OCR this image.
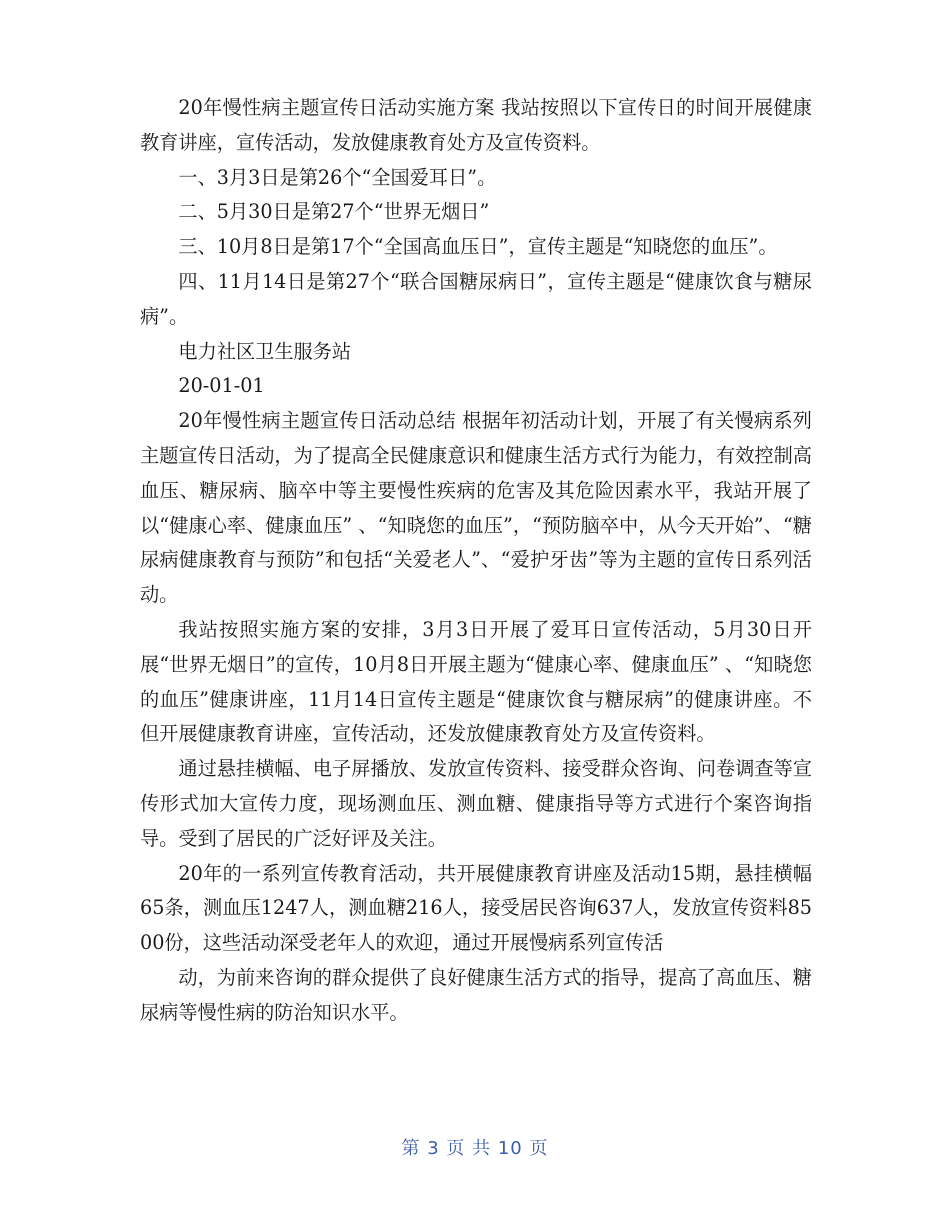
20年慢性病主题宣传日活动实施方案 我站按照以下宣传日的时间开展健康教育讲座，宣传活动，发放健康教育处方及宣传资料。

一、3月3日是第26个“全国爱耳日”。

二、5月30日是第27个“世界无烟日”

三、10月8日是第17个“全国高血压日”，宣传主题是“知晓您的血压”。

四、11月14日是第27个“联合国糖尿病日”，宣传主题是“健康饮食与糖尿病”。

电力社区卫生服务站

20-01-01

20年慢性病主题宣传日活动总结 根据年初活动计划，开展了有关慢病系列主题宣传日活动，为了提高全民健康意识和健康生活方式行为能力，有效控制高血压、糖尿病、脑卒中等主要慢性疾病的危害及其危险因素水平，我站开展了以“健康心率、健康血压” 、“知晓您的血压”，“预防脑卒中，从今天开始”、“糖尿病健康教育与预防”和包括“关爱老人”、“爱护牙齿”等为主题的宣传日系列活动。

我站按照实施方案的安排，3月3日开展了爱耳日宣传活动，5月30日开展“世界无烟日”的宣传，10月8日开展主题为“健康心率、健康血压” 、“知晓您的血压”健康讲座，11月14日宣传主题是“健康饮食与糖尿病”的健康讲座。不但开展健康教育讲座，宣传活动，还发放健康教育处方及宣传资料。

通过悬挂横幅、电子屏播放、发放宣传资料、接受群众咨询、问卷调查等宣传形式加大宣传力度，现场测血压、测血糖、健康指导等方式进行个案咨询指导。受到了居民的广泛好评及关注。

20年的一系列宣传教育活动，共开展健康教育讲座及活动15期，悬挂横幅65条，测血压1247人，测血糖216人，接受居民咨询637人，发放宣传资料8500份，这些活动深受老年人的欢迎，通过开展慢病系列宣传活

动，为前来咨询的群众提供了良好健康生活方式的指导，提高了高血压、糖尿病等慢性病的防治知识水平。

第 3 页 共 10 页
